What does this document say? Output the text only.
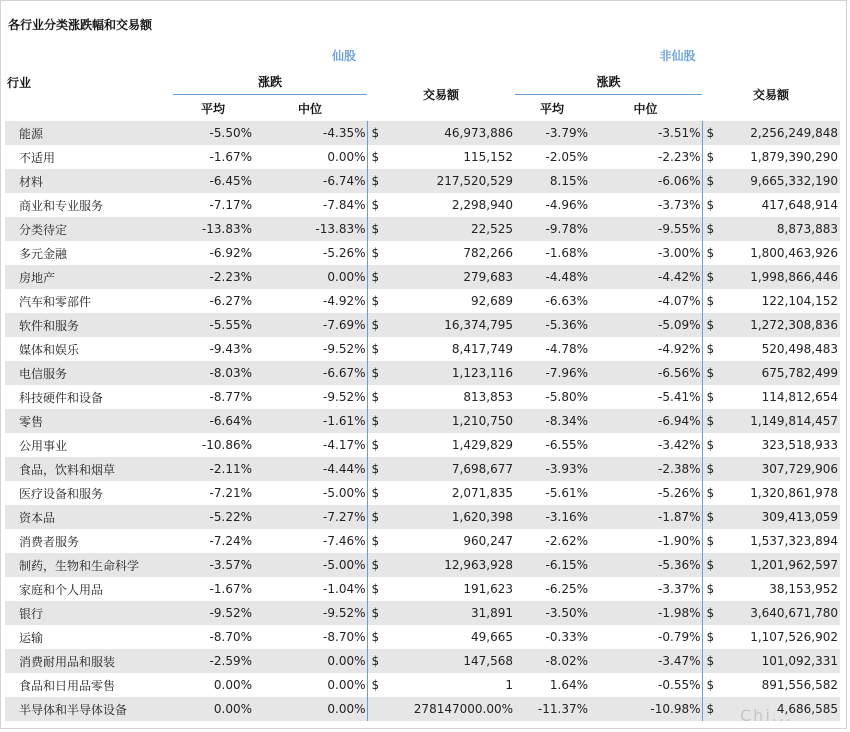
各行业分类涨跌幅和交易额
行业	仙股			非仙股		
	涨跌		交易额	涨跌		交易额
	平均	中位		平均	中位	
能源	-5.50%	-4.35%	$ 46,973,886	-3.79%	-3.51%	$ 2,256,249,848

不适用	-1.67%	0.00%	$ 115,152	-2.05%	-2.23%	$ 1,879,390,290

材料	-6.45%	-6.74%	$ 217,520,529	8.15%	-6.06%	$ 9,665,332,190

商业和专业服务	-7.17%	-7.84%	$ 2,298,940	-4.96%	-3.73%	$ 417,648,914

分类待定	-13.83%	-13.83%	$ 22,525	-9.78%	-9.55%	$ 8,873,883

多元金融	-6.92%	-5.26%	$ 782,266	-1.68%	-3.00%	$ 1,800,463,926

房地产	-2.23%	0.00%	$ 279,683	-4.48%	-4.42%	$ 1,998,866,446

汽车和零部件	-6.27%	-4.92%	$ 92,689	-6.63%	-4.07%	$ 122,104,152

软件和服务	-5.55%	-7.69%	$ 16,374,795	-5.36%	-5.09%	$ 1,272,308,836

媒体和娱乐	-9.43%	-9.52%	$ 8,417,749	-4.78%	-4.92%	$ 520,498,483

电信服务	-8.03%	-6.67%	$ 1,123,116	-7.96%	-6.56%	$ 675,782,499

科技硬件和设备	-8.77%	-9.52%	$ 813,853	-5.80%	-5.41%	$ 114,812,654

零售	-6.64%	-1.61%	$ 1,210,750	-8.34%	-6.94%	$ 1,149,814,457

公用事业	-10.86%	-4.17%	$ 1,429,829	-6.55%	-3.42%	$ 323,518,933

食品，饮料和烟草	-2.11%	-4.44%	$ 7,698,677	-3.93%	-2.38%	$ 307,729,906

医疗设备和服务	-7.21%	-5.00%	$ 2,071,835	-5.61%	-5.26%	$ 1,320,861,978

资本品	-5.22%	-7.27%	$ 1,620,398	-3.16%	-1.87%	$ 309,413,059

消费者服务	-7.24%	-7.46%	$ 960,247	-2.62%	-1.90%	$ 1,537,323,894

制药，生物和生命科学	-3.57%	-5.00%	$ 12,963,928	-6.15%	-5.36%	$ 1,201,962,597

家庭和个人用品	-1.67%	-1.04%	$ 191,623	-6.25%	-3.37%	$ 38,153,952

银行	-9.52%	-9.52%	$ 31,891	-3.50%	-1.98%	$ 3,640,671,780

运输	-8.70%	-8.70%	$ 49,665	-0.33%	-0.79%	$ 1,107,526,902

消费耐用品和服装	-2.59%	0.00%	$ 147,568	-8.02%	-3.47%	$ 101,092,331

食品和日用品零售	0.00%	0.00%	$ 1	1.64%	-0.55%	$ 891,556,582

半导体和半导体设备	0.00%	0.00%	278147000.00%	-11.37%	-10.98%	$ 4,686,585
Chi...
